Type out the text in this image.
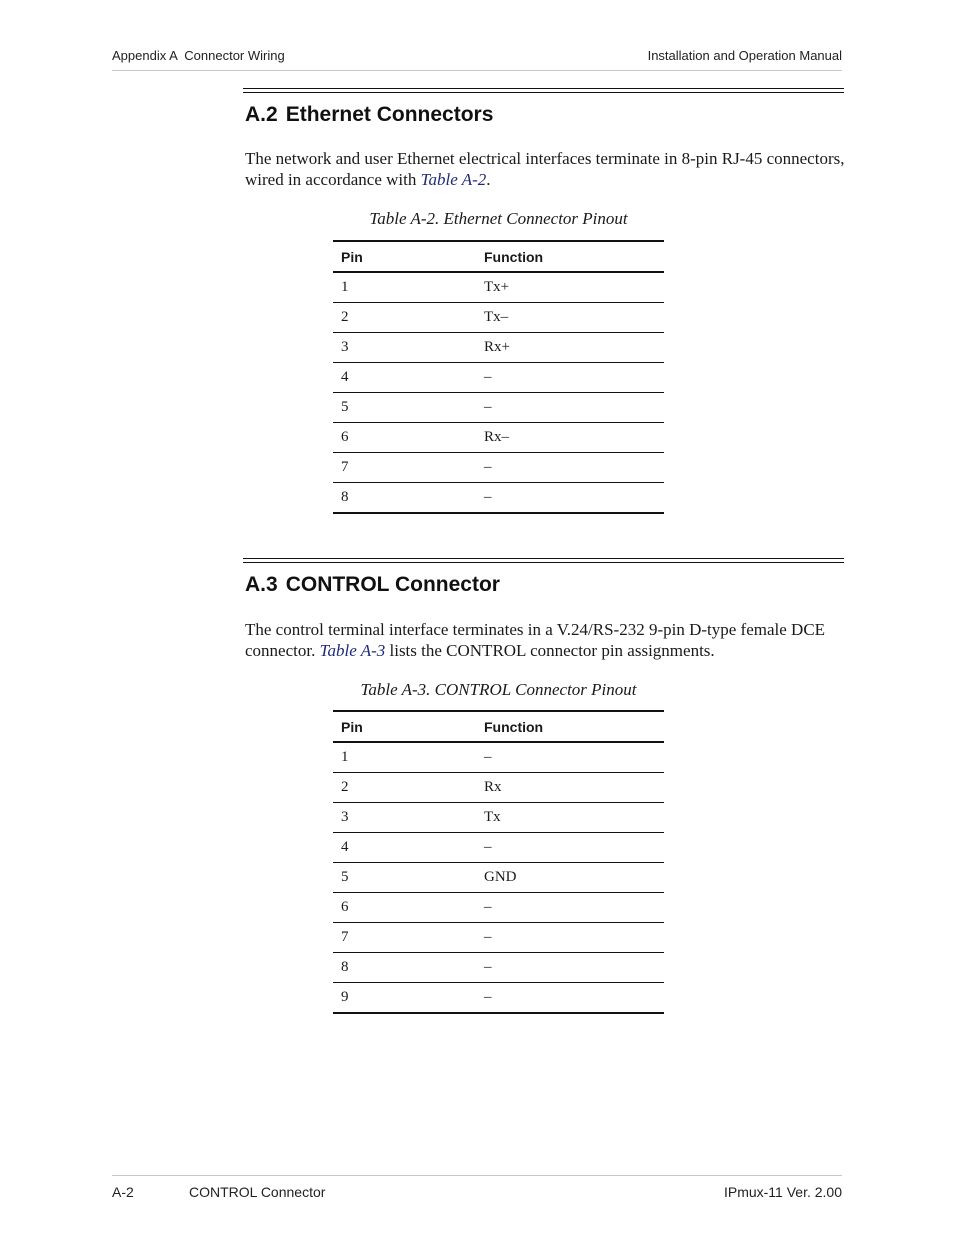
Appendix A  Connector Wiring	Installation and Operation Manual
A.2 Ethernet Connectors

The network and user Ethernet electrical interfaces terminate in 8-pin RJ-45 connectors, wired in accordance with Table A-2.

Table A-2. Ethernet Connector Pinout
Pin	Function
1	Tx+
2	Tx–
3	Rx+
4	–
5	–
6	Rx–
7	–
8	–
A.3 CONTROL Connector

The control terminal interface terminates in a V.24/RS-232 9-pin D-type female DCE connector. Table A-3 lists the CONTROL connector pin assignments.

Table A-3. CONTROL Connector Pinout
Pin	Function
1	–
2	Rx
3	Tx
4	–
5	GND
6	–
7	–
8	–
9	–
A-2	CONTROL Connector	IPmux-11 Ver. 2.00
